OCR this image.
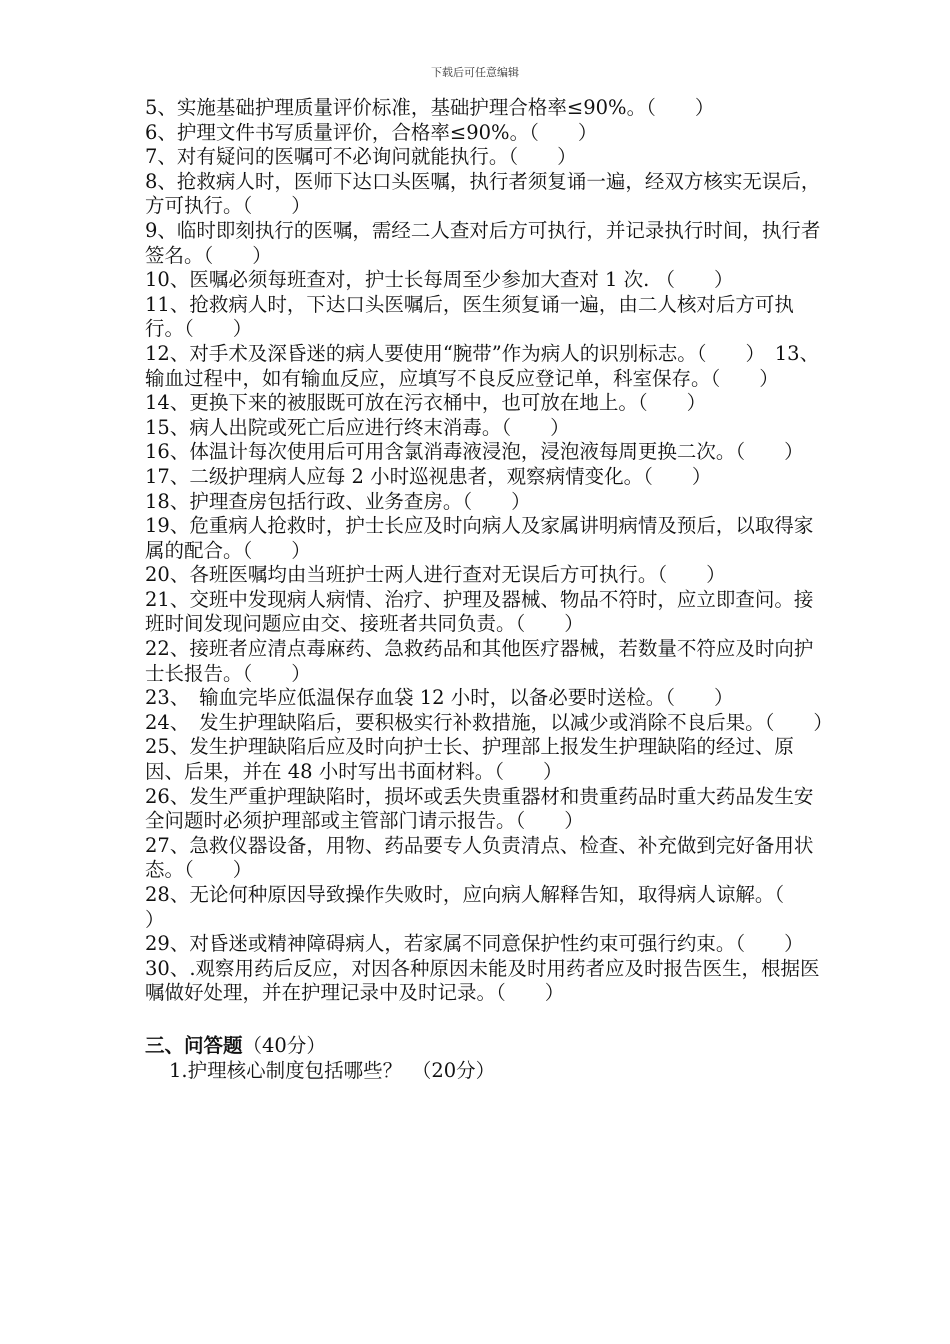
下载后可任意编辑

5、实施基础护理质量评价标准，基础护理合格率≤90%。（　　）

6、护理文件书写质量评价，合格率≤90%。（　　）

7、对有疑问的医嘱可不必询问就能执行。（　　）

8、抢救病人时，医师下达口头医嘱，执行者须复诵一遍，经双方核实无误后，方可执行。（　　）

9、临时即刻执行的医嘱，需经二人查对后方可执行，并记录执行时间，执行者签名。（　　）

10、医嘱必须每班查对，护士长每周至少参加大查对 1 次. （　　）

11、抢救病人时，下达口头医嘱后，医生须复诵一遍，由二人核对后方可执行。（　　）

12、对手术及深昏迷的病人要使用“腕带”作为病人的识别标志。（　　）　13、输血过程中，如有输血反应，应填写不良反应登记单，科室保存。（　　）

14、更换下来的被服既可放在污衣桶中，也可放在地上。（　　）

15、病人出院或死亡后应进行终末消毒。（　　）

16、体温计每次使用后可用含氯消毒液浸泡，浸泡液每周更换二次。（　　）

17、二级护理病人应每 2 小时巡视患者，观察病情变化。（　　）

18、护理查房包括行政、业务查房。（　　）

19、危重病人抢救时，护士长应及时向病人及家属讲明病情及预后，以取得家属的配合。（　　）

20、各班医嘱均由当班护士两人进行查对无误后方可执行。（　　）

21、交班中发现病人病情、治疗、护理及器械、物品不符时，应立即查问。接班时间发现问题应由交、接班者共同负责。（　　）

22、接班者应清点毒麻药、急救药品和其他医疗器械，若数量不符应及时向护士长报告。（　　）

23、　输血完毕应低温保存血袋 12 小时，以备必要时送检。（　　）

24、　发生护理缺陷后，要积极实行补救措施，以减少或消除不良后果。（　　）

25、发生护理缺陷后应及时向护士长、护理部上报发生护理缺陷的经过、原因、后果，并在 48 小时写出书面材料。（　　）

26、发生严重护理缺陷时，损坏或丢失贵重器材和贵重药品时重大药品发生安全问题时必须护理部或主管部门请示报告。（　　）

27、急救仪器设备，用物、药品要专人负责清点、检查、补充做到完好备用状态。（　　）

28、无论何种原因导致操作失败时，应向病人解释告知，取得病人谅解。（　　）

29、对昏迷或精神障碍病人，若家属不同意保护性约束可强行约束。（　　）

30、.观察用药后反应，对因各种原因未能及时用药者应及时报告医生，根据医嘱做好处理，并在护理记录中及时记录。（　　）

三、问答题（40分）
1.护理核心制度包括哪些？　（20分）
